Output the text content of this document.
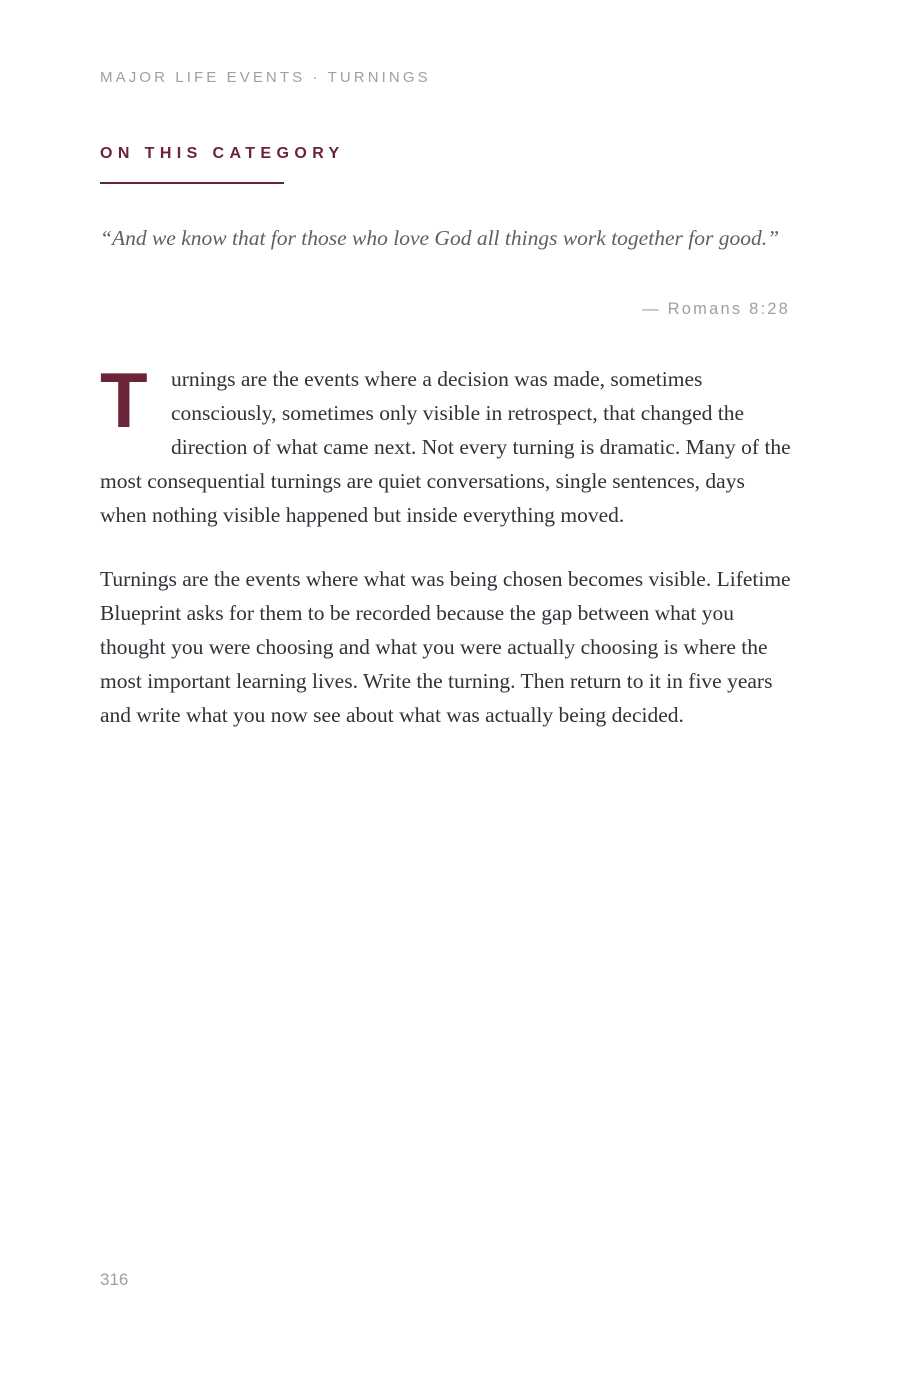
MAJOR LIFE EVENTS · TURNINGS
ON THIS CATEGORY

“And we know that for those who love God all things work together for good.”

— Romans 8:28

T urnings are the events where a decision was made, sometimes consciously, sometimes only visible in retrospect, that changed the direction of what came next. Not every turning is dramatic. Many of the most consequential turnings are quiet conversations, single sentences, days when nothing visible happened but inside everything moved.

Turnings are the events where what was being chosen becomes visible. Lifetime Blueprint asks for them to be recorded because the gap between what you thought you were choosing and what you were actually choosing is where the most important learning lives. Write the turning. Then return to it in five years and write what you now see about what was actually being decided.

316
